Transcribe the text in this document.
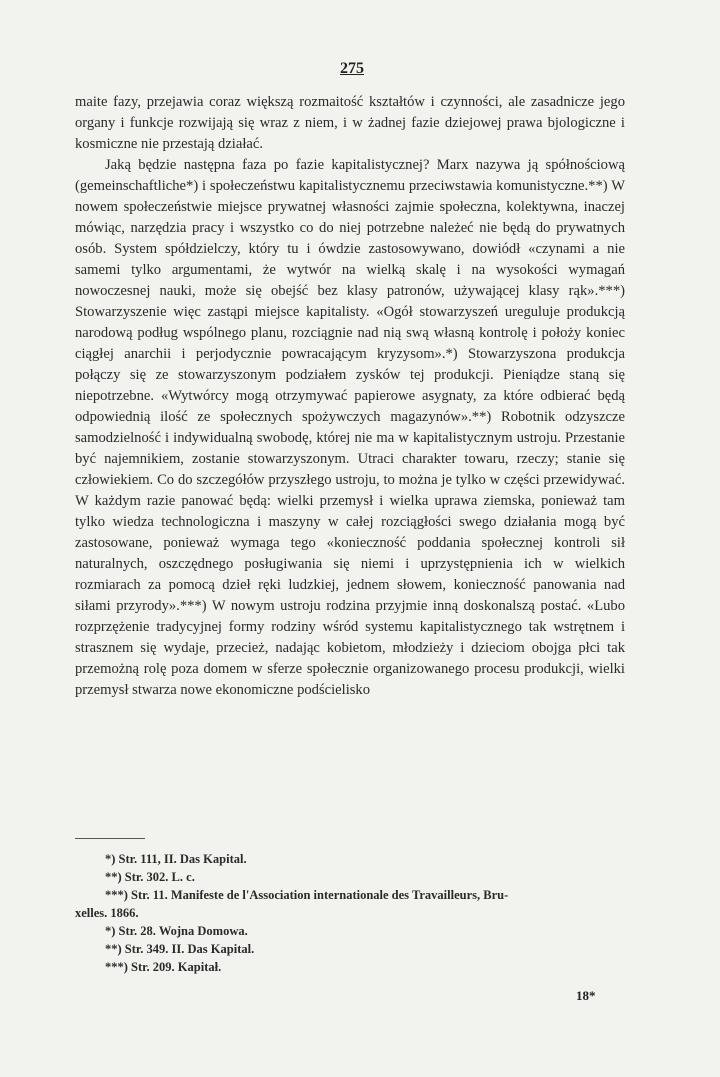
275

maite fazy, przejawia coraz większą rozmaitość kształtów i czynności, ale zasadnicze jego organy i funkcje rozwijają się wraz z niem, i w żadnej fazie dziejowej prawa bjologiczne i kosmiczne nie przestają działać.

Jaką będzie następna faza po fazie kapitalistycznej? Marx nazywa ją spółnościową (gemeinschaftliche*) i społeczeństwu kapitalistycznemu przeciwstawia komunistyczne.**) W nowem społeczeństwie miejsce prywatnej własności zajmie społeczna, kolektywna, inaczej mówiąc, narzędzia pracy i wszystko co do niej potrzebne należeć nie będą do prywatnych osób. System spółdzielczy, który tu i ówdzie zastosowywano, dowiódł «czynami a nie samemi tylko argumentami, że wytwór na wielką skalę i na wysokości wymagań nowoczesnej nauki, może się obejść bez klasy patronów, używającej klasy rąk».***) Stowarzyszenie więc zastąpi miejsce kapitalisty. «Ogół stowarzyszeń ureguluje produkcją narodową podług wspólnego planu, rozciągnie nad nią swą własną kontrolę i położy koniec ciągłej anarchii i perjodycznie powracającym kryzysom».*) Stowarzyszona produkcja połączy się ze stowarzyszonym podziałem zysków tej produkcji. Pieniądze staną się niepotrzebne. «Wytwórcy mogą otrzymywać papierowe asygnaty, za które odbierać będą odpowiednią ilość ze społecznych spożywczych magazynów».**) Robotnik odzyszcze samodzielność i indywidualną swobodę, której nie ma w kapitalistycznym ustroju. Przestanie być najemnikiem, zostanie stowarzyszonym. Utraci charakter towaru, rzeczy; stanie się człowiekiem. Co do szczegółów przyszłego ustroju, to można je tylko w części przewidywać. W każdym razie panować będą: wielki przemysł i wielka uprawa ziemska, ponieważ tam tylko wiedza technologiczna i maszyny w całej rozciągłości swego działania mogą być zastosowane, ponieważ wymaga tego «konieczność poddania społecznej kontroli sił naturalnych, oszczędnego posługiwania się niemi i uprzystępnienia ich w wielkich rozmiarach za pomocą dzieł ręki ludzkiej, jednem słowem, konieczność panowania nad siłami przyrody».***) W nowym ustroju rodzina przyjmie inną doskonalszą postać. «Lubo rozprzężenie tradycyjnej formy rodziny wśród systemu kapitalistycznego tak wstrętnem i strasznem się wydaje, przecież, nadając kobietom, młodzieży i dzieciom obojga płci tak przemożną rolę poza domem w sferze społecznie organizowanego procesu produkcji, wielki przemysł stwarza nowe ekonomiczne podścielisko

*) Str. 111, II. Das Kapital.
**) Str. 302. L. c.
***) Str. 11. Manifeste de l'Association internationale des Travailleurs, Bru-
xelles. 1866.
*) Str. 28. Wojna Domowa.
**) Str. 349. II. Das Kapital.
***) Str. 209. Kapitał.
18*
